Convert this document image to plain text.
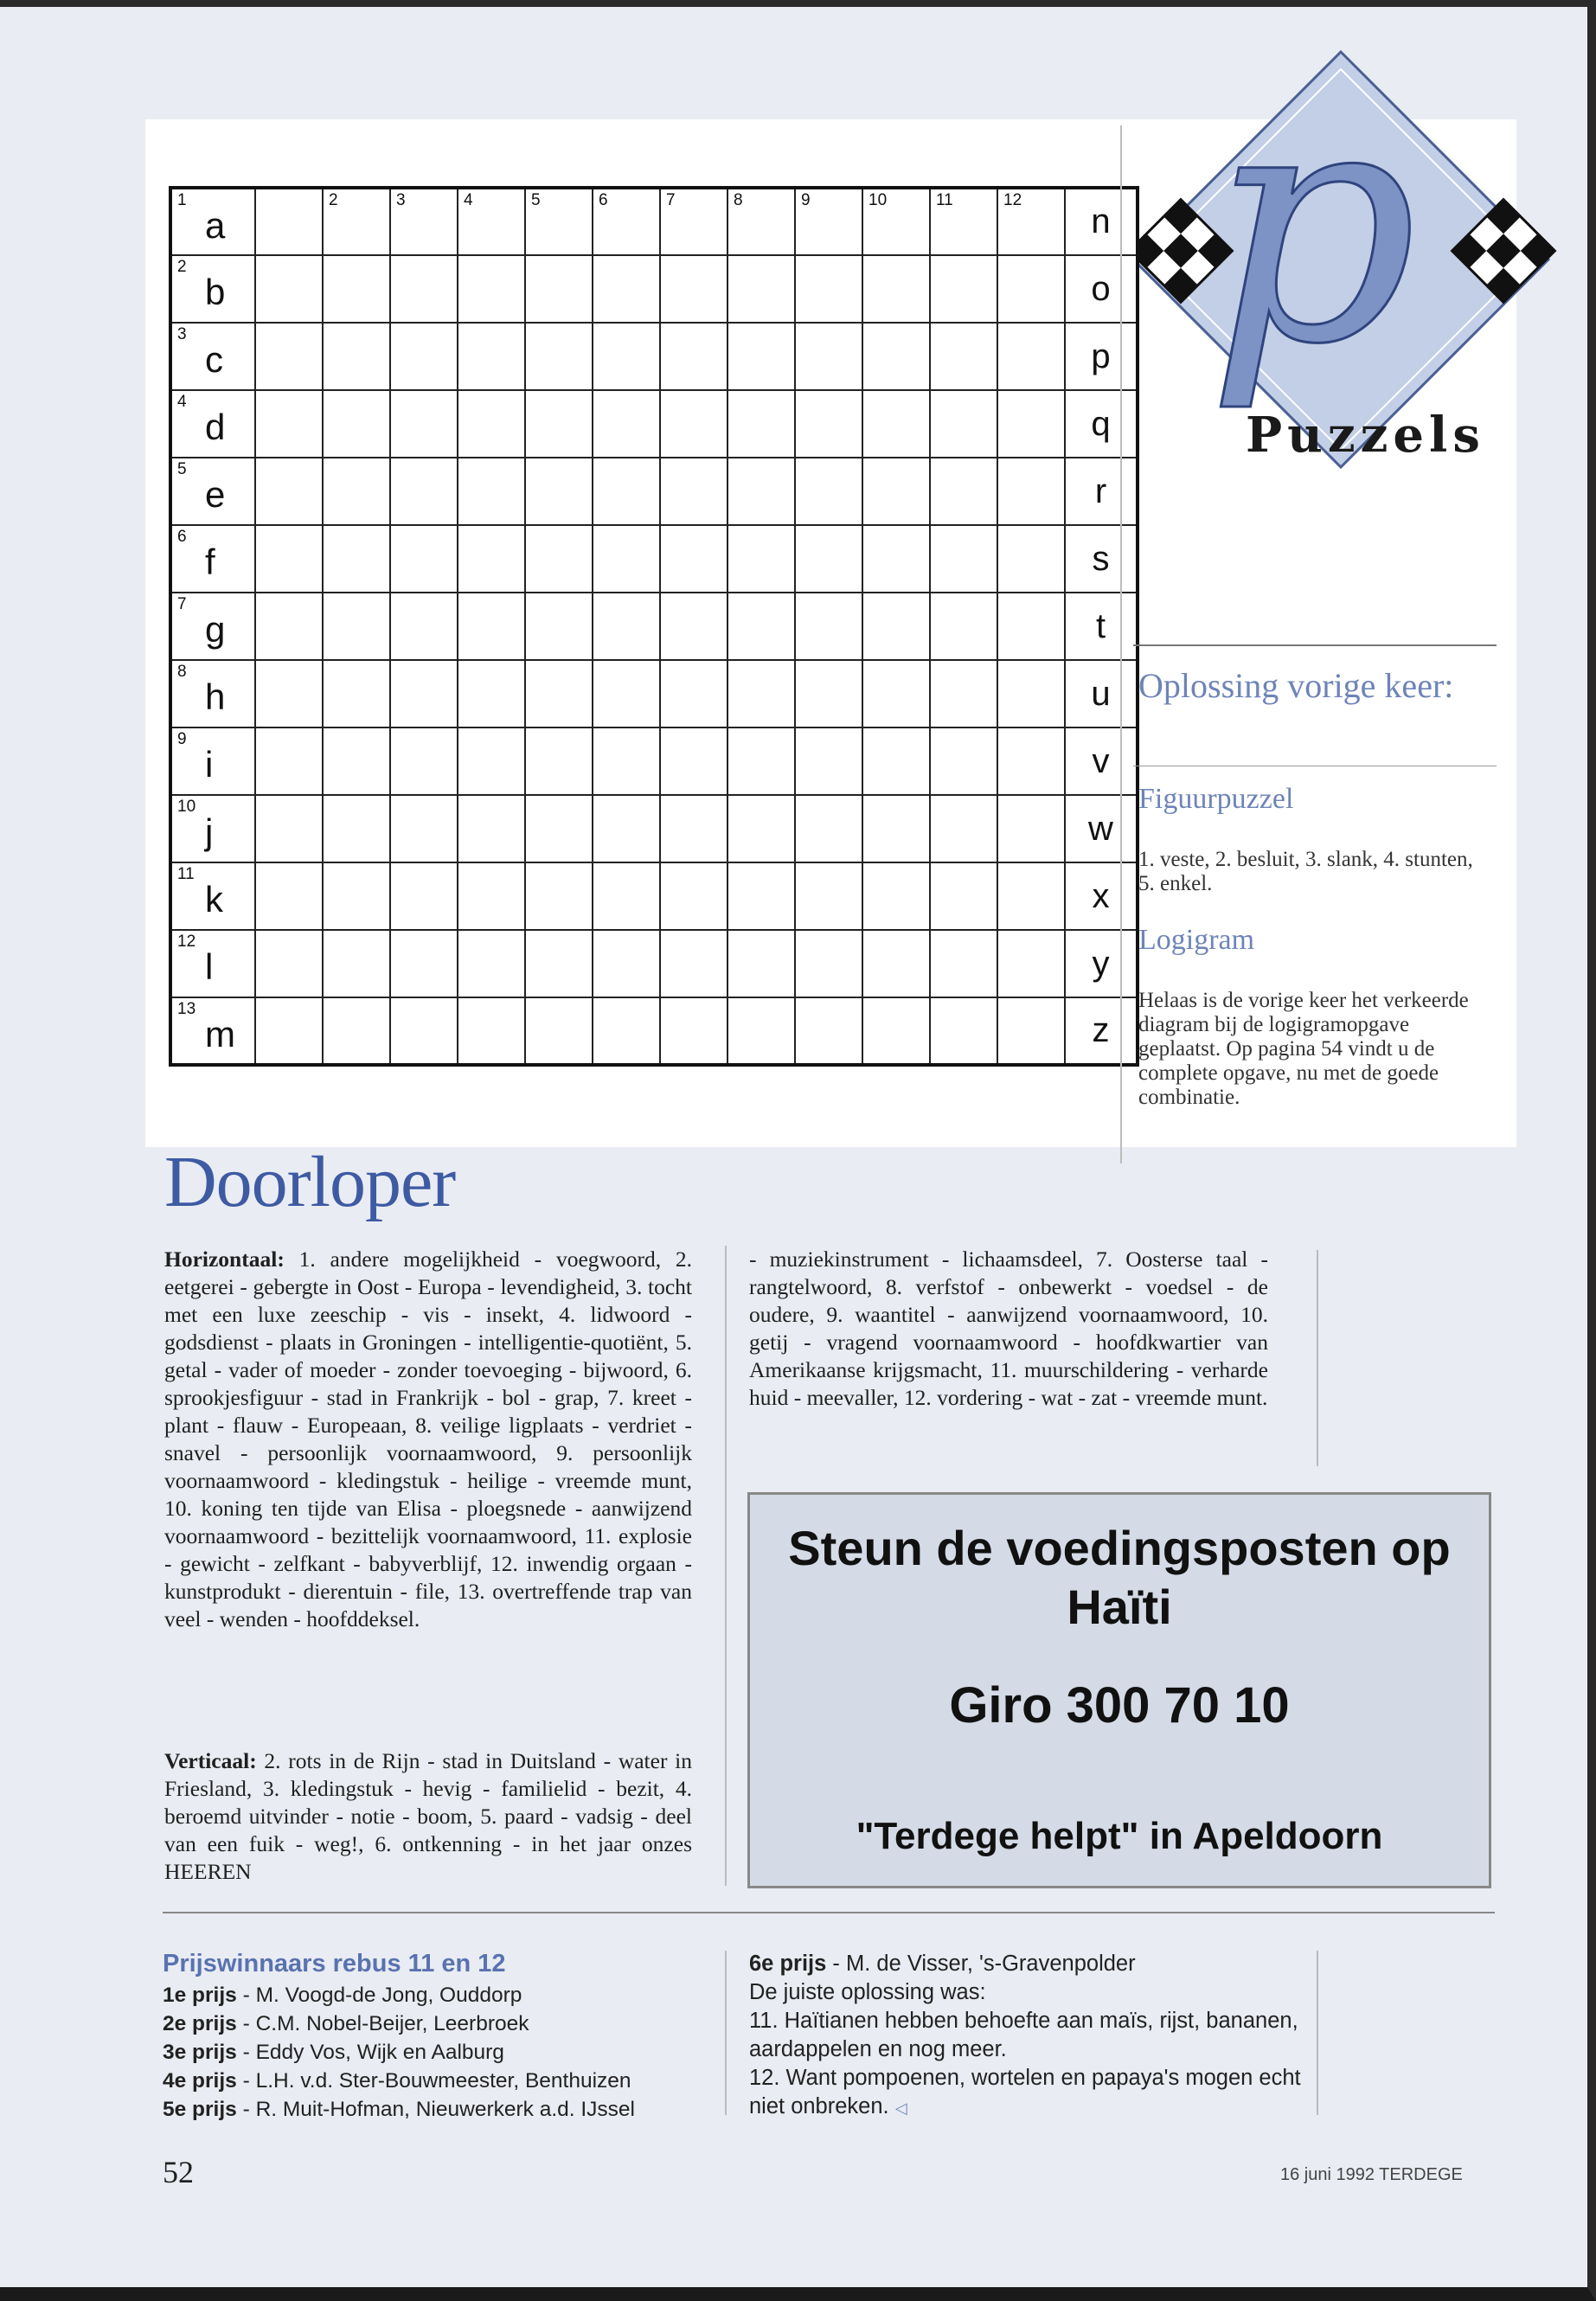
p
Puzzels
1
a		2	3	4	5	6	7	8	9	10	11	12	n

2
b													o

3
c													p

4
d													q

5
e													r

6
f													s

7
g													t

8
h													u

9
i													v

10
j													w

11
k													x

12
l													y

13
m													z
Oplossing vorige keer:
Figuurpuzzel
1. veste, 2. besluit, 3. slank, 4. stunten, 5. enkel.
Logigram
Helaas is de vorige keer het verkeerde diagram bij de logigramopgave geplaatst. Op pagina 54 vindt u de complete opgave, nu met de goede combinatie.
Doorloper
Horizontaal: 1. andere mogelijkheid - voegwoord, 2. eetgerei - gebergte in Oost - Europa - levendigheid, 3. tocht met een luxe zeeschip - vis - insekt, 4. lidwoord - godsdienst - plaats in Groningen - intelligentie-quotiënt, 5. getal - vader of moeder - zonder toevoeging - bijwoord, 6. sprookjesfiguur - stad in Frankrijk - bol - grap, 7. kreet - plant - flauw - Europeaan, 8. veilige ligplaats - verdriet - snavel - persoonlijk voornaamwoord, 9. persoonlijk voornaamwoord - kledingstuk - heilige - vreemde munt, 10. koning ten tijde van Elisa - ploegsnede - aanwijzend voornaamwoord - bezittelijk voornaamwoord, 11. explosie - gewicht - zelfkant - babyverblijf, 12. inwendig orgaan - kunstprodukt - dierentuin - file, 13. overtreffende trap van veel - wenden - hoofddeksel.
Verticaal: 2. rots in de Rijn - stad in Duitsland - water in Friesland, 3. kledingstuk - hevig - familielid - bezit, 4. beroemd uitvinder - notie - boom, 5. paard - vadsig - deel van een fuik - weg!, 6. ontkenning - in het jaar onzes HEEREN
- muziekinstrument - lichaamsdeel, 7. Oosterse taal - rangtelwoord, 8. verfstof - onbewerkt - voedsel - de oudere, 9. waantitel - aanwijzend voornaamwoord, 10. getij - vragend voornaamwoord - hoofdkwartier van Amerikaanse krijgsmacht, 11. muurschildering - verharde huid - meevaller, 12. vordering - wat - zat - vreemde munt.
Steun de voedingsposten op Haïti
Giro 300 70 10
"Terdege helpt" in Apeldoorn
Prijswinnaars rebus 11 en 12
1e prijs - M. Voogd-de Jong, Ouddorp
2e prijs - C.M. Nobel-Beijer, Leerbroek
3e prijs - Eddy Vos, Wijk en Aalburg
4e prijs - L.H. v.d. Ster-Bouwmeester, Benthuizen
5e prijs - R. Muit-Hofman, Nieuwerkerk a.d. IJssel
6e prijs - M. de Visser, 's-Gravenpolder
De juiste oplossing was:
11. Haïtianen hebben behoefte aan maïs, rijst, bananen, aardappelen en nog meer.
12. Want pompoenen, wortelen en papaya's mogen echt niet onbreken. ◁
52	16 juni 1992 TERDEGE
